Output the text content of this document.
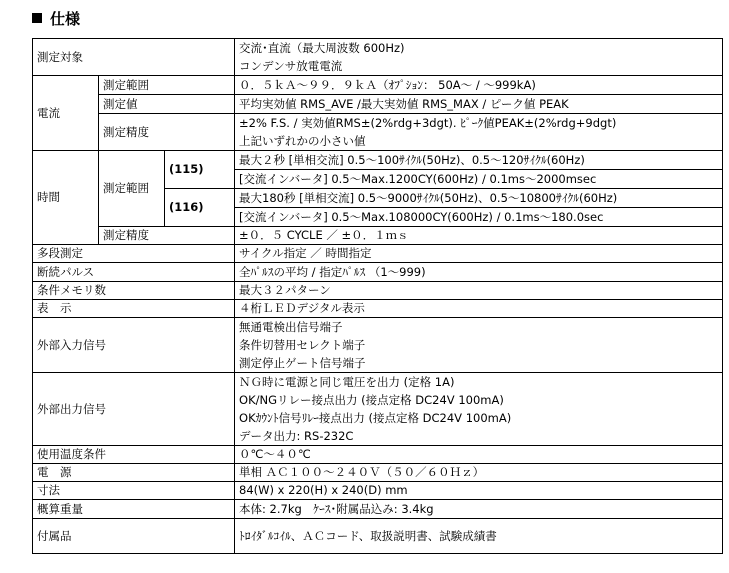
仕様
測定対象			交流･直流（最大周波数 600Hz)
コンデンサ放電電流

電流	測定範囲		０．５ｋＡ～９９．９ｋＡ（ｵﾌﾟｼｮﾝ： 50A～ / ～999kA)
	測定値		平均実効値 RMS_AVE /最大実効値 RMS_MAX / ピーク値 PEAK
	測定精度		±2% F.S. / 実効値RMS±(2%rdg+3dgt). ﾋﾟｰｸ値PEAK±(2%rdg+9dgt)
上記いずれかの小さい値

時間	測定範囲	(115)	最大２秒 [単相交流] 0.5～100ｻｲｸﾙ(50Hz)、0.5～120ｻｲｸﾙ(60Hz)
[交流インバータ] 0.5～Max.1200CY(600Hz) / 0.1ms～2000msec

		(116)	最大180秒 [単相交流] 0.5～9000ｻｲｸﾙ(50Hz)、0.5～10800ｻｲｸﾙ(60Hz)
[交流インバータ] 0.5～Max.108000CY(600Hz) / 0.1ms～180.0sec

	測定精度		±０．５ CYCLE ／ ±０．１ｍｓ
多段測定			サイクル指定 ／ 時間指定
断続パルス			全ﾊﾟﾙｽの平均 / 指定ﾊﾟﾙｽ （1～999)
条件メモリ数			最大３２パターン
表　示			４桁ＬＥＤデジタル表示
外部入力信号			無通電検出信号端子
条件切替用セレクト端子
測定停止ゲート信号端子

外部出力信号			ＮＧ時に電源と同じ電圧を出力 (定格 1A)
OK/NGリレー接点出力 (接点定格 DC24V 100mA)
OKｶｳﾝﾄ信号ﾘﾚｰ接点出力 (接点定格 DC24V 100mA)
データ出力: RS-232C

使用温度条件			０℃～４０℃
電　源			単相 ＡＣ１００～２４０Ｖ（５０／６０Ｈｚ）
寸法			84(W) x 220(H) x 240(D) mm
概算重量			本体: 2.7kg　ｹｰｽ･附属品込み: 3.4kg
付属品			ﾄﾛｲﾀﾞﾙｺｲﾙ、ＡＣコード、取扱説明書、試験成績書
